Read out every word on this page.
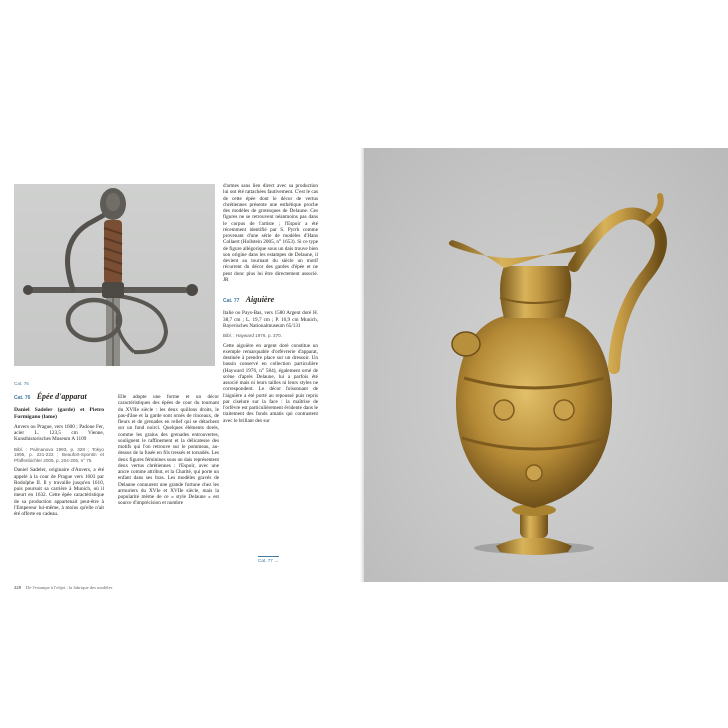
Cat. 76
Cat. 76 Épée d'apparat

Daniel Sadeler (garde) et Pietro Formigano (lame)

Anvers ou Prague, vers 1600 ; Padoue Fer, acier L. 123,5 cm Vienne, Kunsthistorisches Museum A 1109

Bibl. : Palmanova 1993, p. 328 ; Tokyo 1995, p. 221-222 ; Beaufort-Spontin et Pfaffenbichler 2005, p. 204-205, n° 75.

Daniel Sadeler, originaire d'Anvers, a été appelé à la cour de Prague vers 1603 par Rodolphe II. Il y travaille jusqu'en 1610, puis poursuit sa carrière à Munich, où il meurt en 1632. Cette épée caractéristique de sa production appartenait peut-être à l'Empereur lui-même, à moins qu'elle n'ait été offerte en cadeau.

Elle adopte une forme et un décor caractéristiques des épées de cour du tournant du XVIIe siècle : les deux quillons droits, le pas-d'âne et la garde sont ornés de rinceaux, de fleurs et de grenades en relief qui se détachent sur un fond noirci. Quelques éléments dorés, comme les grains des grenades entrouvertes, soulignent le raffinement et la délicatesse des motifs qui l'on retrouve sur le pommeau, au-dessus de la fusée en fils tressés et torsadés. Les deux figures féminines sous un dais représentent deux vertus chrétiennes : l'Espoir, avec une ancre comme attribut, et la Charité, qui porte un enfant dans ses bras. Les modèles gravés de Delaune connurent une grande fortune chez les armuriers du XVIe et XVIIe siècle, mais la popularité même de ce « style Delaune » est source d'imprécision et nombre

d'armes sans lien direct avec sa production lui ont été rattachées fautivement. C'est le cas de cette épée dont le décor de vertus chrétiennes présente une esthétique proche des modèles de grotesques de Delaune. Ces figures ne se retrouvent néanmoins pas dans le corpus de l'artiste ; l'Espoir a été récemment identifié par S. Pyrrh comme provenant d'une série de modèles d'Hans Collaert (Hollstein 2005, n° 1653). Si ce type de figure allégorique sous un dais trouve bien son origine dans les estampes de Delaune, il devient au tournant du siècle un motif récurrent du décor des gardes d'épée et ne peut donc plus lui être directement associé. JR

Cat. 77 Aiguière

Italie ou Pays-Bas, vers 1580 Argent doré H. 38,7 cm ; L. 19,7 cm ; P. 16,9 cm Munich, Bayerisches Nationalmuseum 65/131

Bibl. : Hayward 1976, p. 370.

Cette aiguière en argent doré constitue un exemple remarquable d'orfèvrerie d'apparat, destinée à prendre place sur un dressoir. Un bassin conservé en collection particulière (Hayward 1976, n° 584), également orné de scène d'après Delaune, lui a parfois été associé mais ni leurs tailles ni leurs styles ne correspondent. Le décor foisonnant de l'aiguière a été porté au repoussé puis repris par ciselure sur la face : la maîtrise de l'orfèvre est particulièrement évidente dans le traitement des fonds amatis qui contrastent avec le brillant des sur

Cat. 77 →
228 De l'estampe à l'objet : la fabrique des modèles
